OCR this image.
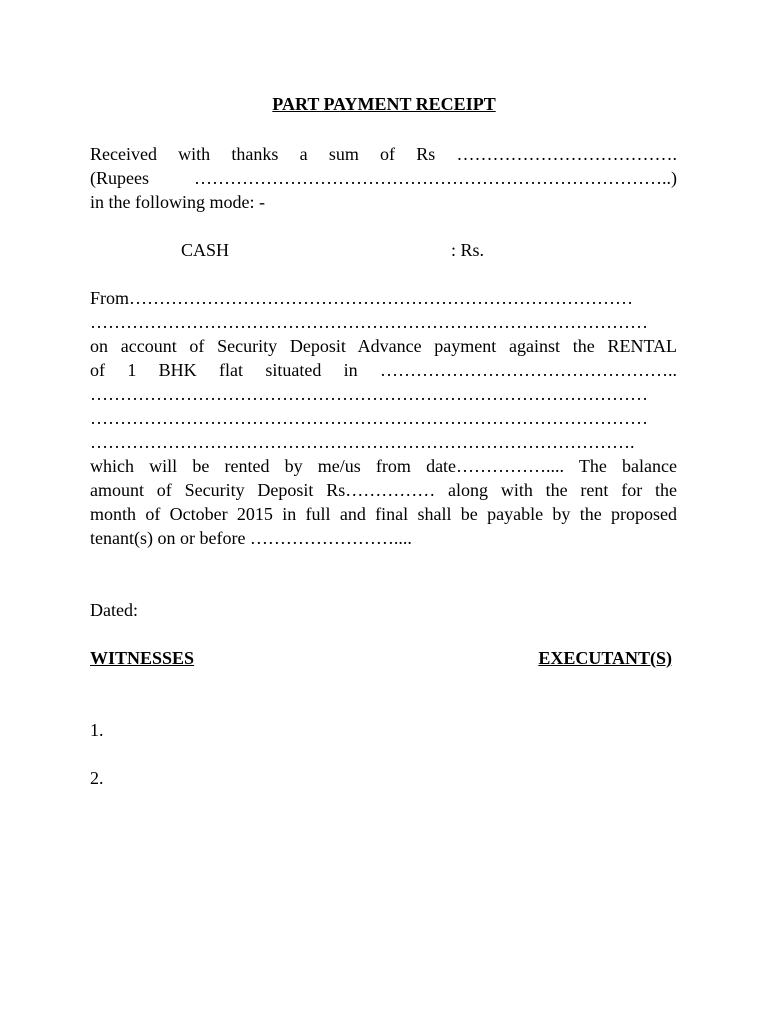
PART PAYMENT RECEIPT
Received with thanks a sum of Rs ……………………………….
(Rupees ……………………………………………………………………..)
in the following mode: -
CASH	: Rs.
From…………………………………………………………………………
…………………………………………………………………………………
on account of Security Deposit Advance payment against the RENTAL
of 1 BHK flat situated in …………………………………………..
…………………………………………………………………………………
…………………………………………………………………………………
……………………………………………………………………………….
which will be rented by me/us from date…………….... The balance
amount of Security Deposit Rs…………… along with the rent for the
month of October 2015 in full and final shall be payable by the proposed
tenant(s) on or before ……………………....
Dated:
WITNESSES	EXECUTANT(S)
1.
2.
